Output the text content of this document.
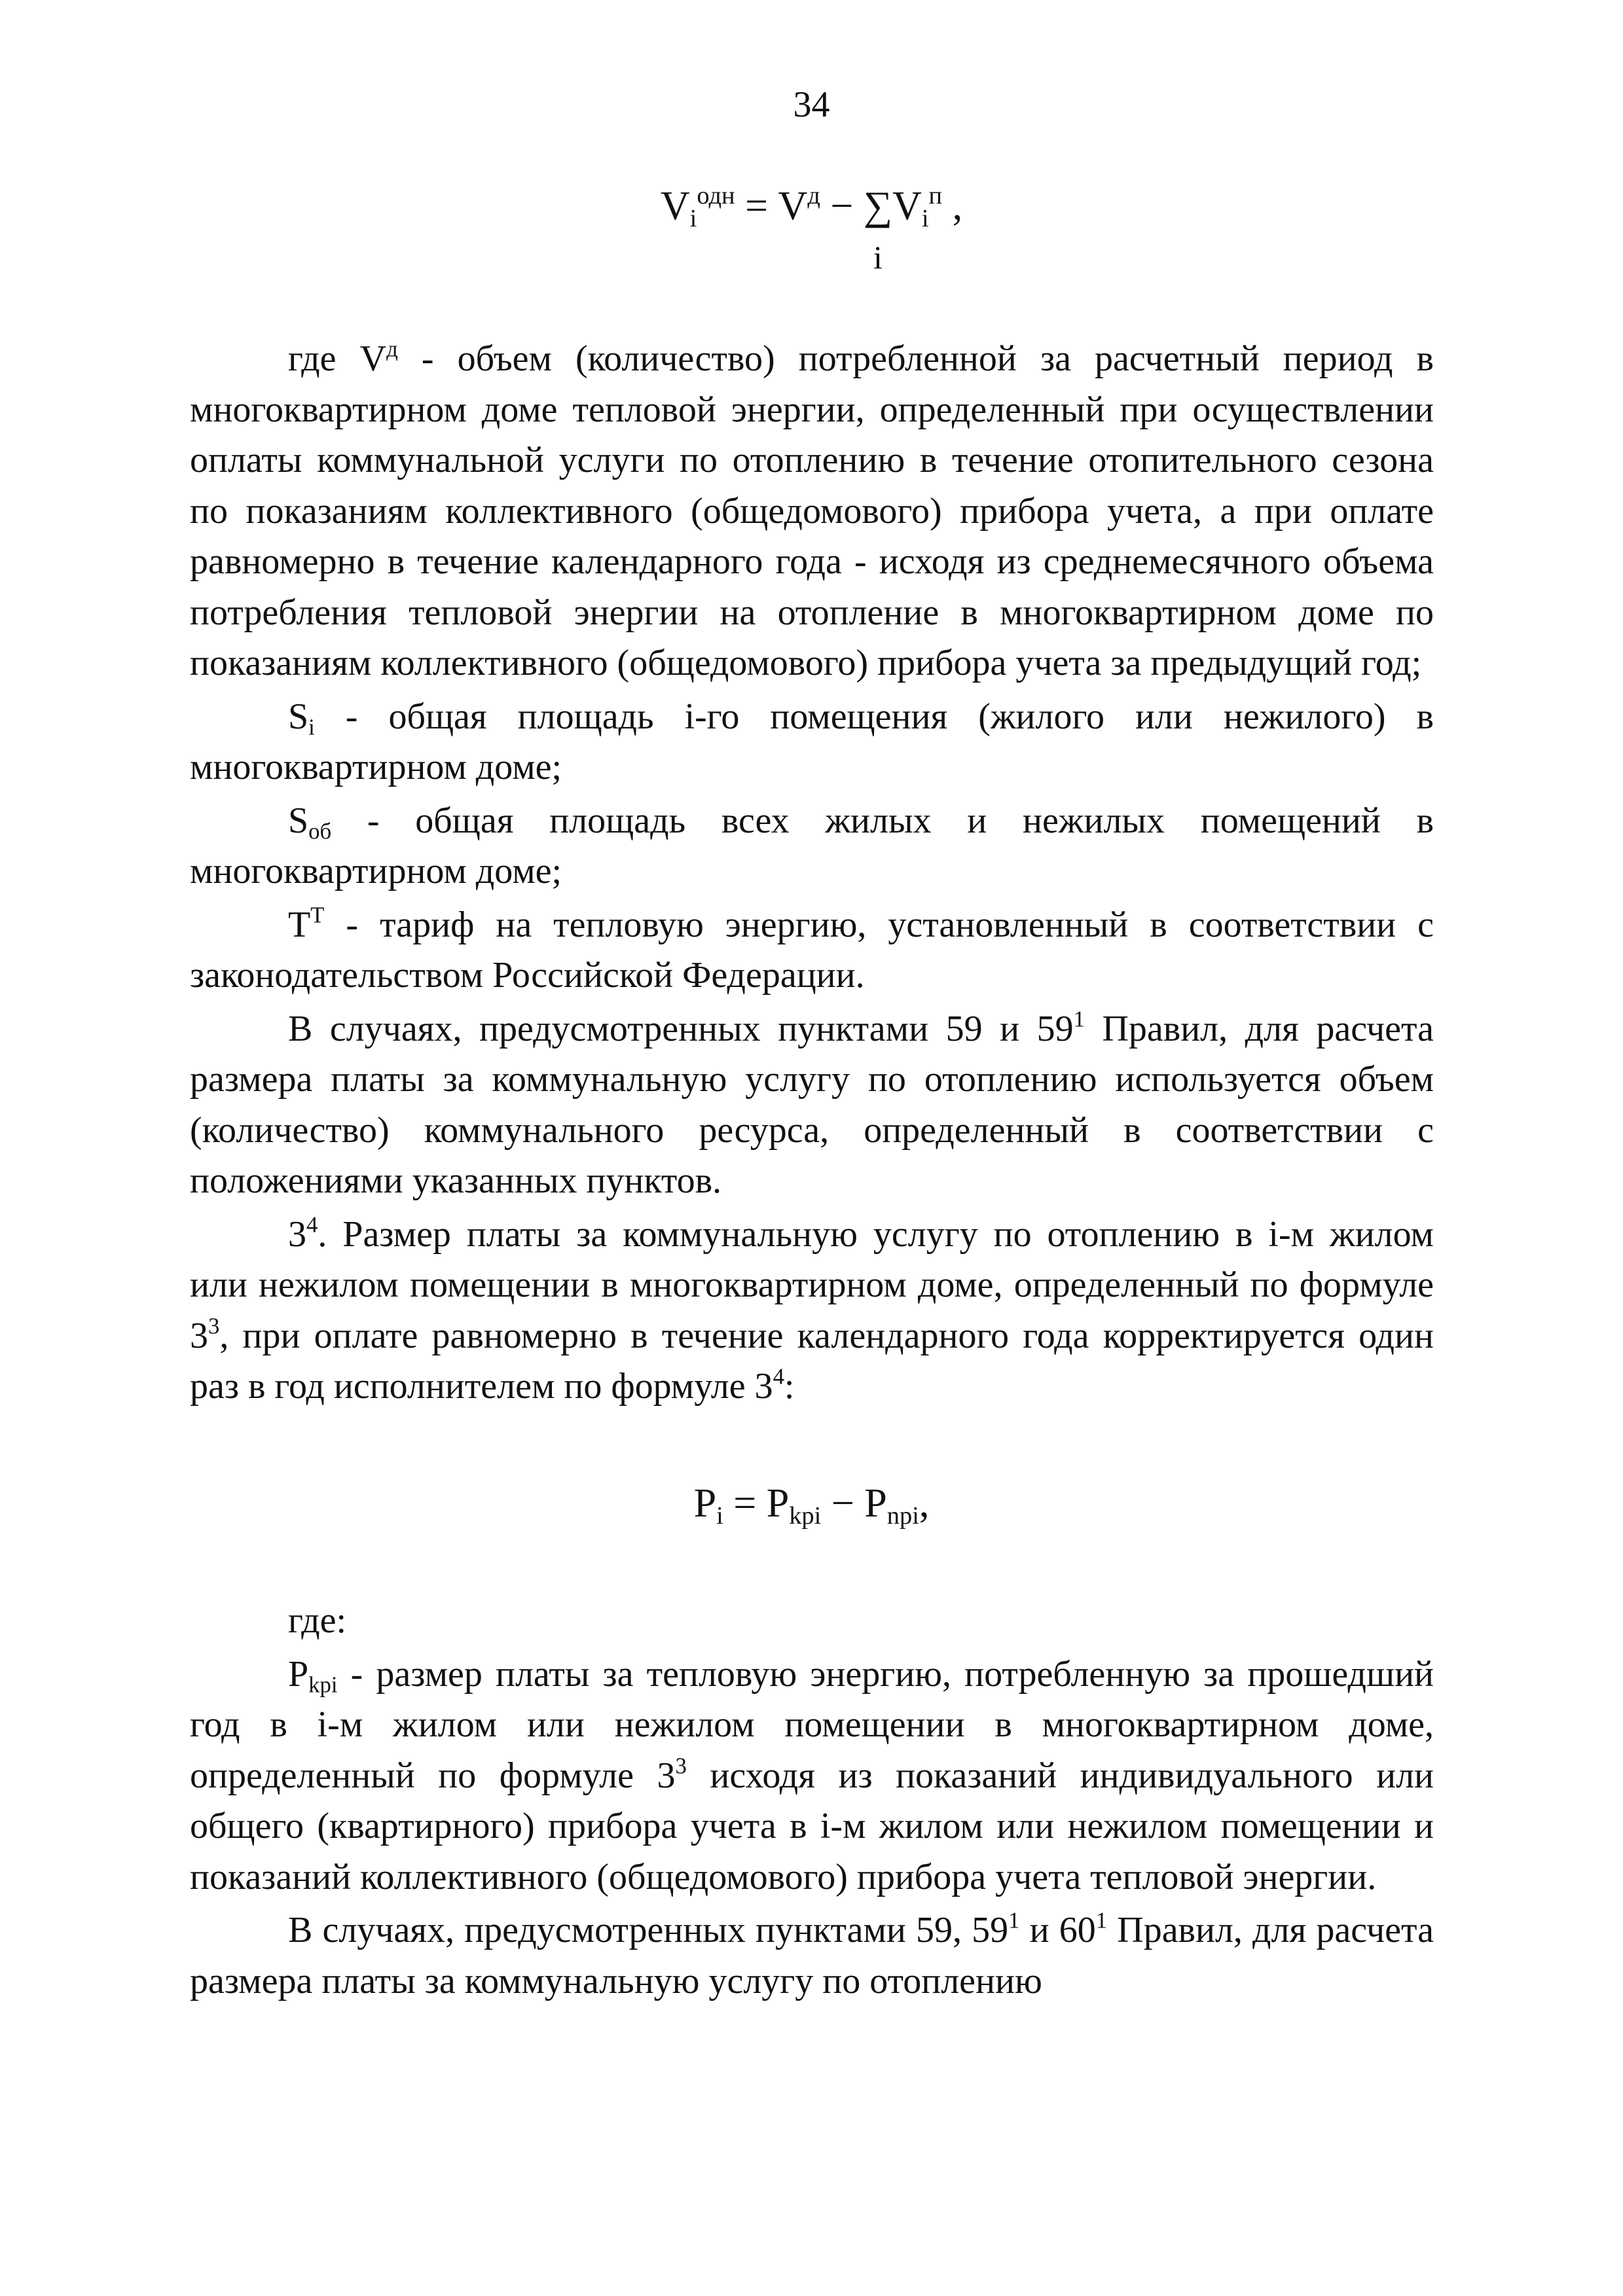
34
$V_i^{одн} = V^д$ − ∑
i
$V_i^п$ ,

где $V^д$ - объем (количество) потребленной за расчетный период в многоквартирном доме тепловой энергии, определенный при осуществлении оплаты коммунальной услуги по отоплению в течение отопительного сезона по показаниям коллективного (общедомового) прибора учета, а при оплате равномерно в течение календарного года - исходя из среднемесячного объема потребления тепловой энергии на отопление в многоквартирном доме по показаниям коллективного (общедомового) прибора учета за предыдущий год;

$S_i$ - общая площадь i-го помещения (жилого или нежилого) в многоквартирном доме;

$S_{об}$ - общая площадь всех жилых и нежилых помещений в многоквартирном доме;

$Т^Т$ - тариф на тепловую энергию, установленный в соответствии с законодательством Российской Федерации.

В случаях, предусмотренных пунктами 59 и $59^1$ Правил, для расчета размера платы за коммунальную услугу по отоплению используется объем (количество) коммунального ресурса, определенный в соответствии с положениями указанных пунктов.

$3^4$. Размер платы за коммунальную услугу по отоплению в i-м жилом или нежилом помещении в многоквартирном доме, определенный по формуле $3^3$, при оплате равномерно в течение календарного года корректируется один раз в год исполнителем по формуле $3^4$:

$P_i = P_{kpi} - P_{npi}$,

где:

$P_{kpi}$ - размер платы за тепловую энергию, потребленную за прошедший год в i-м жилом или нежилом помещении в многоквартирном доме, определенный по формуле $3^3$ исходя из показаний индивидуального или общего (квартирного) прибора учета в i-м жилом или нежилом помещении и показаний коллективного (общедомового) прибора учета тепловой энергии.

В случаях, предусмотренных пунктами 59, $59^1$ и $60^1$ Правил, для расчета размера платы за коммунальную услугу по отоплению
